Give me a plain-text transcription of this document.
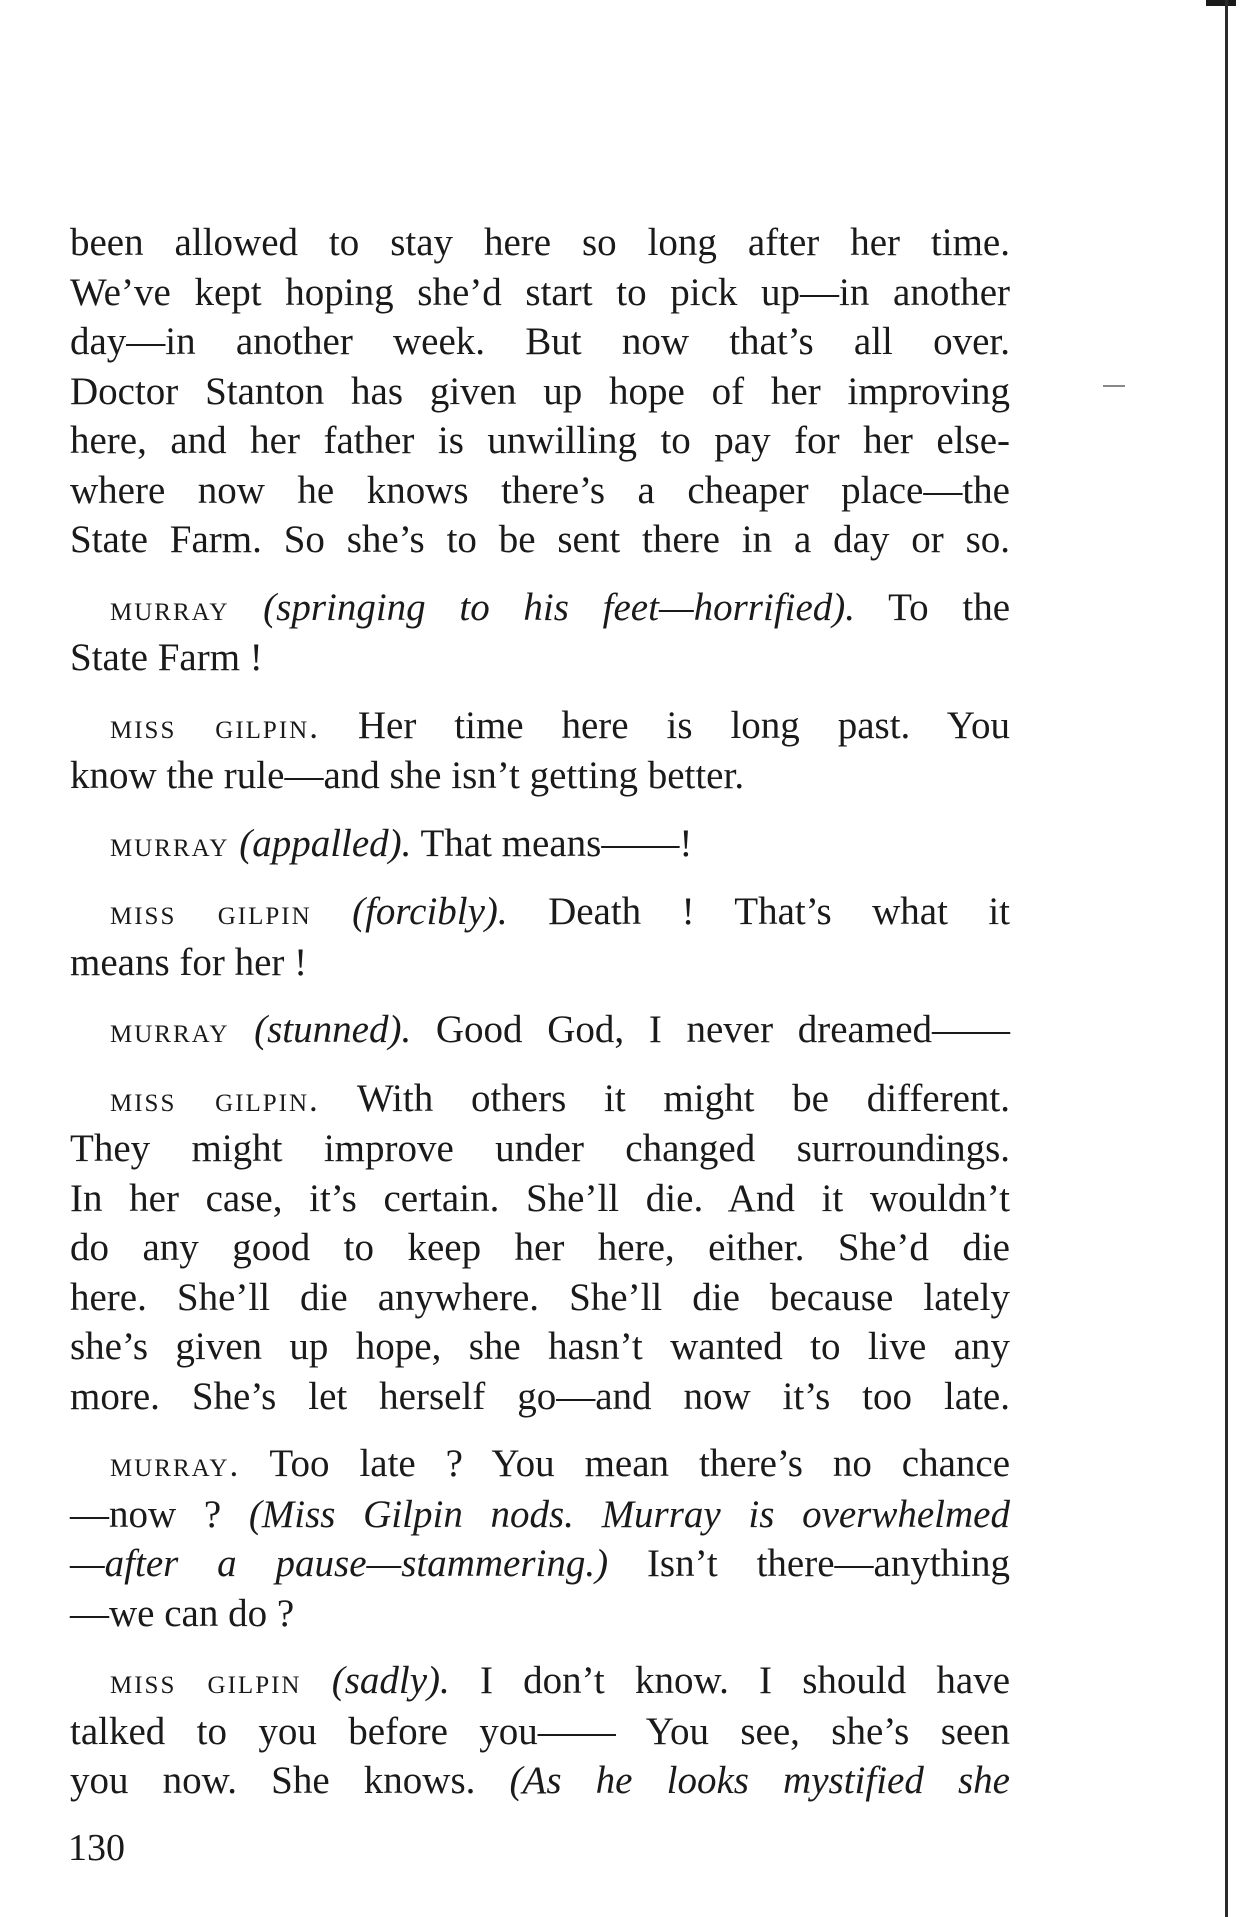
been allowed to stay here so long after her time.

We’ve kept hoping she’d start to pick up—in another

day—in another week. But now that’s all over.

Doctor Stanton has given up hope of her improving

here, and her father is unwilling to pay for her else-

where now he knows there’s a cheaper place—the

State Farm. So she’s to be sent there in a day or so.

murray (springing to his feet—horrified). To the

State Farm !

miss gilpin. Her time here is long past. You

know the rule—and she isn’t getting better.

murray (appalled). That means——!

miss gilpin (forcibly). Death ! That’s what it

means for her !

murray (stunned). Good God, I never dreamed——

miss gilpin. With others it might be different.

They might improve under changed surroundings.

In her case, it’s certain. She’ll die. And it wouldn’t

do any good to keep her here, either. She’d die

here. She’ll die anywhere. She’ll die because lately

she’s given up hope, she hasn’t wanted to live any

more. She’s let herself go—and now it’s too late.

murray. Too late ? You mean there’s no chance

—now ? (Miss Gilpin nods. Murray is overwhelmed

—after a pause—stammering.) Isn’t there—anything

—we can do ?

miss gilpin (sadly). I don’t know. I should have

talked to you before you—— You see, she’s seen

you now. She knows. (As he looks mystified she

130
